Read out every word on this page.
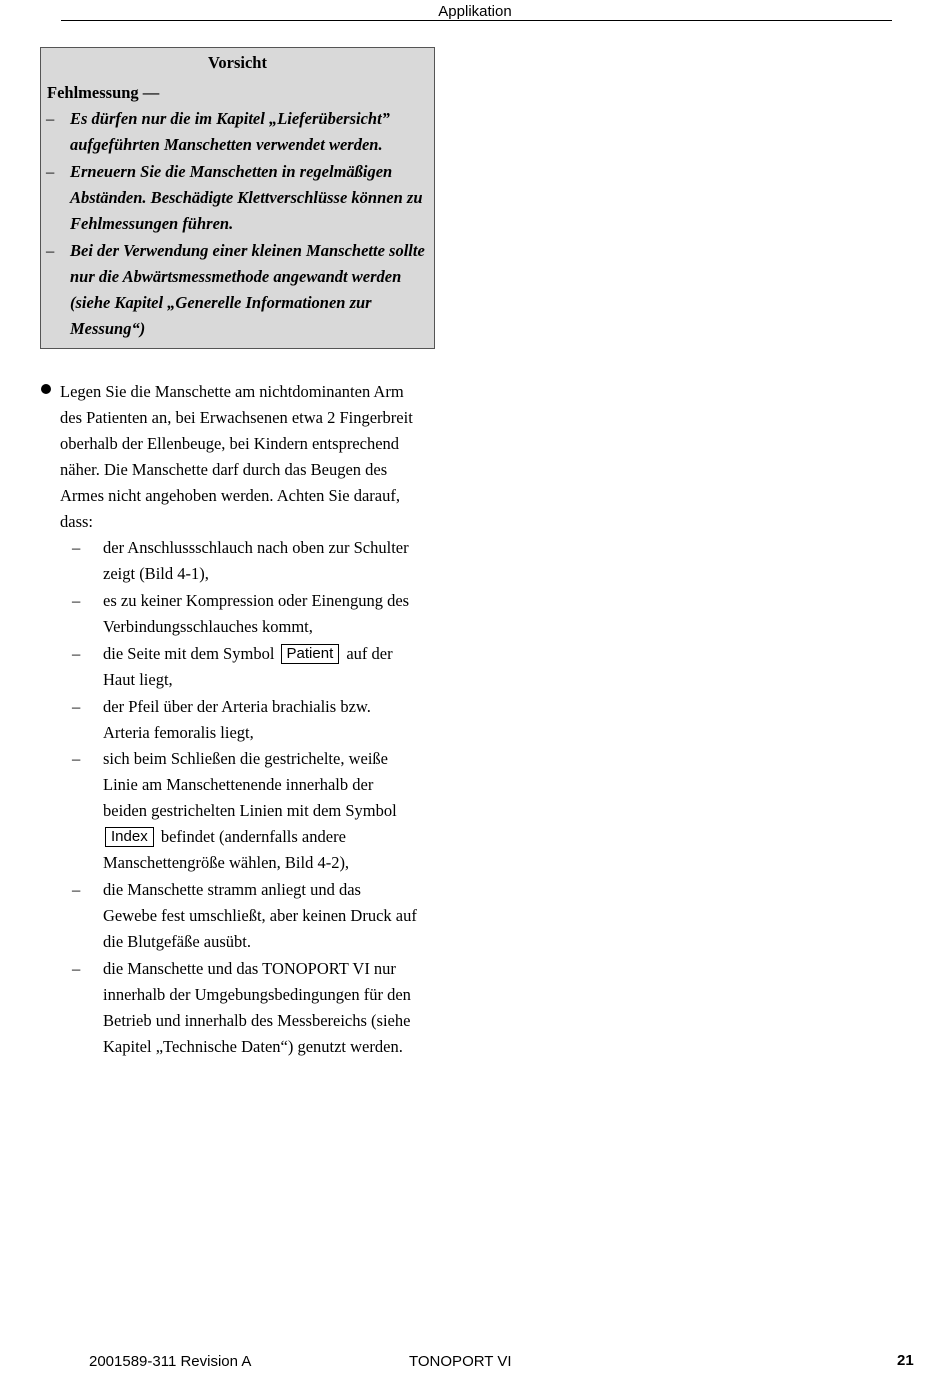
Applikation
Vorsicht
Fehlmessung —
– Es dürfen nur die im Kapitel „Lieferübersicht” aufgeführten Manschetten verwendet werden.
– Erneuern Sie die Manschetten in regelmäßigen Abständen. Beschädigte Klettverschlüsse können zu Fehlmessungen führen.
– Bei der Verwendung einer kleinen Manschette sollte nur die Abwärtsmessmethode angewandt werden (siehe Kapitel „Generelle Informationen zur Messung“)
Legen Sie die Manschette am nichtdominanten Arm des Patienten an, bei Erwachsenen etwa 2 Fingerbreit oberhalb der Ellenbeuge, bei Kindern entsprechend näher. Die Manschette darf durch das Beugen des Armes nicht angehoben werden. Achten Sie darauf, dass:
– der Anschlussschlauch nach oben zur Schulter zeigt (Bild 4-1),
– es zu keiner Kompression oder Einengung des Verbindungsschlauches kommt,
– die Seite mit dem Symbol Patient auf der Haut liegt,
– der Pfeil über der Arteria brachialis bzw. Arteria femoralis liegt,
– sich beim Schließen die gestrichelte, weiße Linie am Manschettenende innerhalb der beiden gestrichelten Linien mit dem Symbol Index befindet (andernfalls andere Manschettengröße wählen, Bild 4-2),
– die Manschette stramm anliegt und das Gewebe fest umschließt, aber keinen Druck auf die Blutgefäße ausübt.
– die Manschette und das TONOPORT VI nur innerhalb der Umgebungsbedingungen für den Betrieb und innerhalb des Messbereichs (siehe Kapitel „Technische Daten“) genutzt werden.
2001589-311 Revision A	TONOPORT VI	21
